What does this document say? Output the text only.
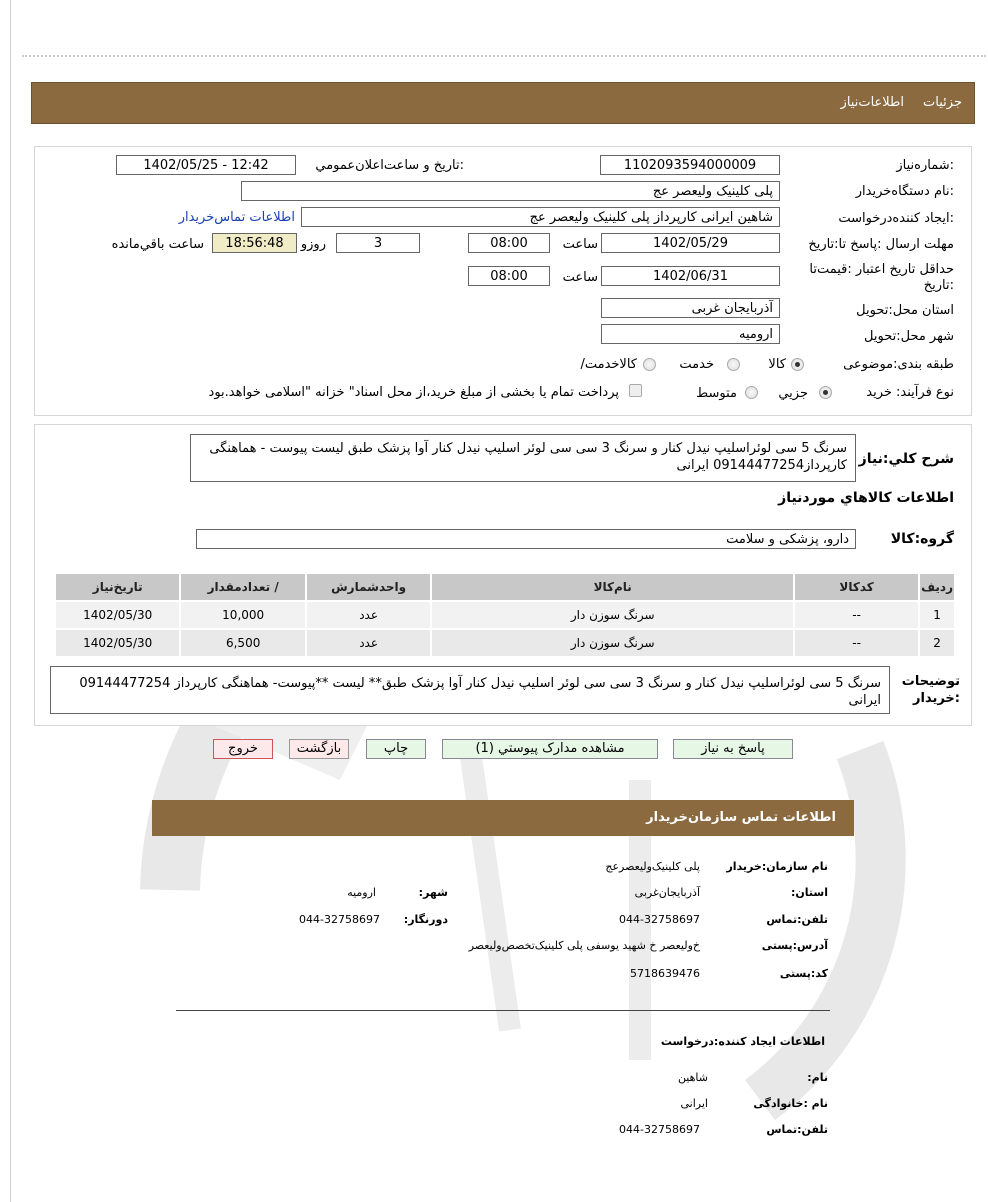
جزئیات
اطلاعات‌نیاز
شماره‌نیاز:
1102093594000009
تاریخ و ساعت‌اعلان‌عمومي:
1402/05/25 - 12:42
نام دستگاه‌خريدار:
پلی کلینیک ولیعصر عج
ايجاد کننده‌درخواست:
شاهین ایرانی کارپرداز پلی کلینیک ولیعصر عج
اطلاعات تماس‌خريدار
مهلت ارسال :پاسخ تا:تاريخ
1402/05/29
ساعت
08:00
3
روزو
18:56:48
ساعت باقي‌مانده
حداقل تاريخ اعتبار :قيمت‌تا تاريخ:
1402/06/31
ساعت
08:00
استان محل:تحويل
آذربایجان غربی
شهر محل:تحويل
ارومیه
طبقه بندی:موضوعی
کالا
خدمت
/کالاخدمت
نوع فرآیند: خريد
جزيي
متوسط
پرداخت تمام یا بخشی از مبلغ خرید،از محل اسناد" خزانه "اسلامی خواهد.بود
شرح کلي:نياز
سرنگ 5 سی لوئراسلیپ نیدل کنار و سرنگ 3 سی سی لوئر اسلیپ نیدل کنار آوا پزشک طبق لیست پیوست - هماهنگی کارپرداز09144477254 ایرانی
اطلاعات کالاهاي مورد‌نياز
گروه:کالا
دارو، پزشکی و سلامت
رديف	کدکالا	نام‌کالا	واحد‌شمارش	/ تعدادمقدار	تاريخ‌نياز
1	--	سرنگ سوزن دار	عدد	10,000	1402/05/30
2	--	سرنگ سوزن دار	عدد	6,500	1402/05/30
توضيحات :خريدار
سرنگ 5 سی لوئراسلیپ نیدل کنار و سرنگ 3 سی سی لوئر اسلیپ نیدل کنار آوا پزشک طبق** لیست **پیوست- هماهنگی کارپرداز 09144477254 ایرانی
پاسخ به نياز
مشاهده مدارک پيوستي (1)
چاپ
بازگشت
خروج
اطلاعات تماس سازمان‌خريدار
نام سازمان:خريدار
پلی کلینیک‌ولیعصرعج
:استان
آذربایجان‌غربی
:شهر
ارومیه
تلفن:تماس
044-32758697
:دورنگار
044-32758697
آدرس:پستی
خ‌ولیعصر خ شهید یوسفی پلی کلینیک‌تخصص‌ولیعصر
کد:پستی
5718639476
اطلاعات ایجاد کننده:درخواست
:نام
شاهین
نام :خانوادگی
ایرانی
تلفن:تماس
044-32758697
